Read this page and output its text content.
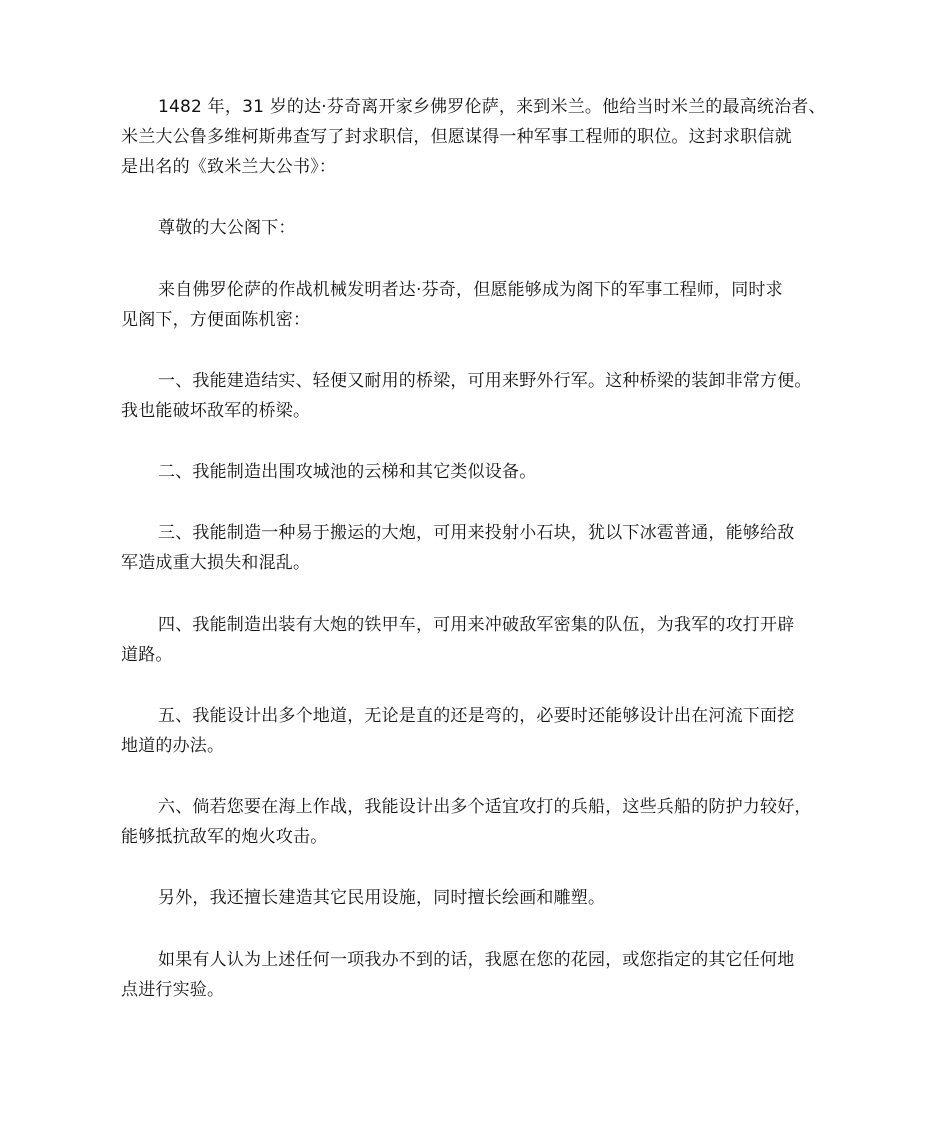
1482 年，31 岁的达·芬奇离开家乡佛罗伦萨，来到米兰。他给当时米兰的最高统治者、
米兰大公鲁多维柯斯弗查写了封求职信，但愿谋得一种军事工程师的职位。这封求职信就
是出名的《致米兰大公书》：

尊敬的大公阁下：

来自佛罗伦萨的作战机械发明者达·芬奇，但愿能够成为阁下的军事工程师，同时求
见阁下，方便面陈机密：

一、我能建造结实、轻便又耐用的桥梁，可用来野外行军。这种桥梁的装卸非常方便。
我也能破坏敌军的桥梁。

二、我能制造出围攻城池的云梯和其它类似设备。

三、我能制造一种易于搬运的大炮，可用来投射小石块，犹以下冰雹普通，能够给敌
军造成重大损失和混乱。

四、我能制造出装有大炮的铁甲车，可用来冲破敌军密集的队伍，为我军的攻打开辟
道路。

五、我能设计出多个地道，无论是直的还是弯的，必要时还能够设计出在河流下面挖
地道的办法。

六、倘若您要在海上作战，我能设计出多个适宜攻打的兵船，这些兵船的防护力较好，
能够抵抗敌军的炮火攻击。

另外，我还擅长建造其它民用设施，同时擅长绘画和雕塑。

如果有人认为上述任何一项我办不到的话，我愿在您的花园，或您指定的其它任何地
点进行实验。
